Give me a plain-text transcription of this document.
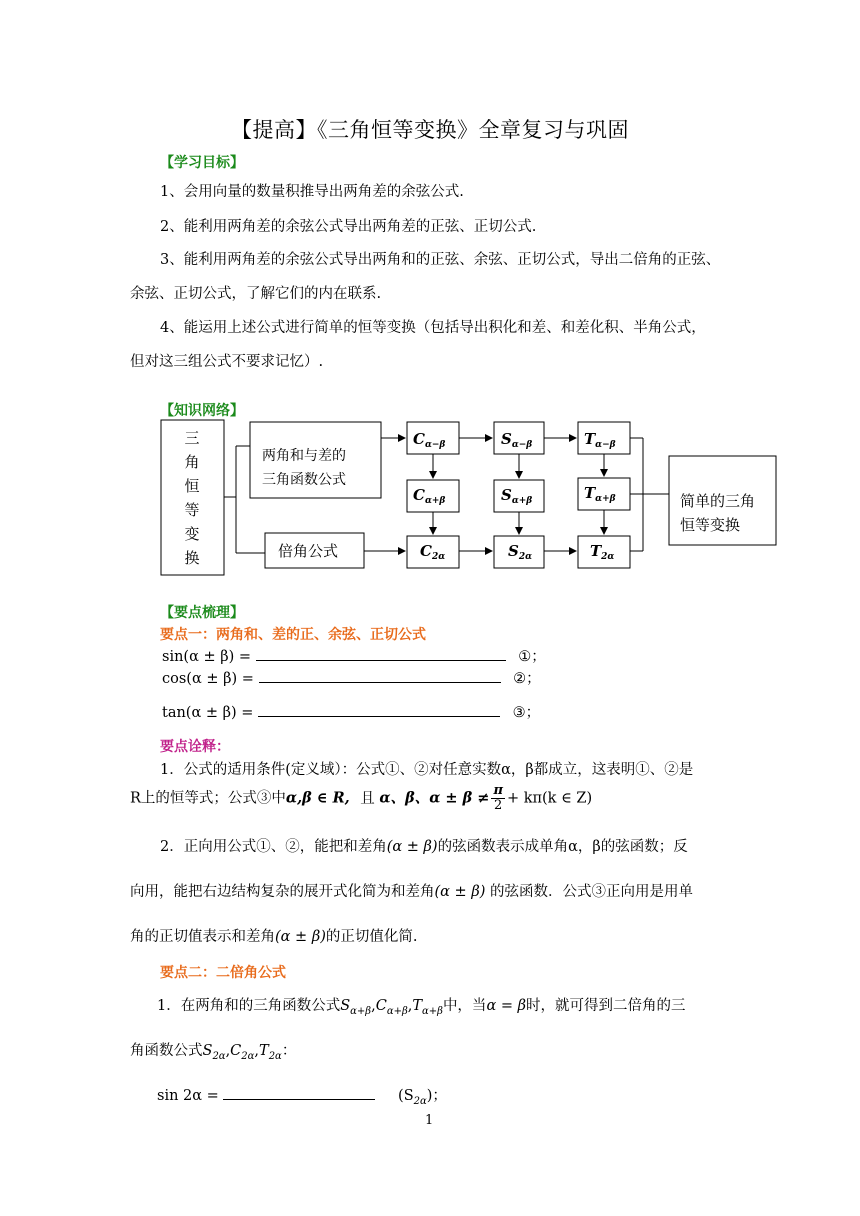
【提高】《三角恒等变换》全章复习与巩固
【学习目标】
1、会用向量的数量积推导出两角差的余弦公式.
2、能利用两角差的余弦公式导出两角差的正弦、正切公式.
3、能利用两角差的余弦公式导出两角和的正弦、余弦、正切公式，导出二倍角的正弦、
余弦、正切公式，了解它们的内在联系.
4、能运用上述公式进行简单的恒等变换（包括导出积化和差、和差化积、半角公式，
但对这三组公式不要求记忆）.
【知识网络】
三
角
恒
等
变
换
两角和与差的
三角函数公式
倍角公式
简单的三角
恒等变换
$C_{\alpha-\beta}$	$S_{\alpha-\beta}$	$T_{\alpha-\beta}$
$C_{\alpha+\beta}$	$S_{\alpha+\beta}$	$T_{\alpha+\beta}$
$C_{2\alpha}$	$S_{2\alpha}$	$T_{2\alpha}$
【要点梳理】
要点一：两角和、差的正、余弦、正切公式
sin(α ± β) =	①；
cos(α ± β) =	②；
tan(α ± β) =	③；
要点诠释：
1．公式的适用条件(定义域）：公式①、②对任意实数α，β都成立，这表明①、②是
R上的恒等式；公式③中α,β ∈ R, 且 α、β、$\alpha \pm \beta \ne \frac{\pi}{2} + k\pi(k$ ∈ Z)
2．正向用公式①、②，能把和差角(α ± β)的弦函数表示成单角α，β的弦函数；反
向用，能把右边结构复杂的展开式化简为和差角(α ± β) 的弦函数．公式③正向用是用单
角的正切值表示和差角(α ± β)的正切值化简.
要点二：二倍角公式
1．在两角和的三角函数公式$S_{\alpha+\beta},C_{\alpha+\beta},T_{\alpha+\beta}$中，当α = β时，就可得到二倍角的三
角函数公式$S_{2\alpha},C_{2\alpha},T_{2\alpha}$：
sin 2α =	$(S_{2\alpha})$；
1
